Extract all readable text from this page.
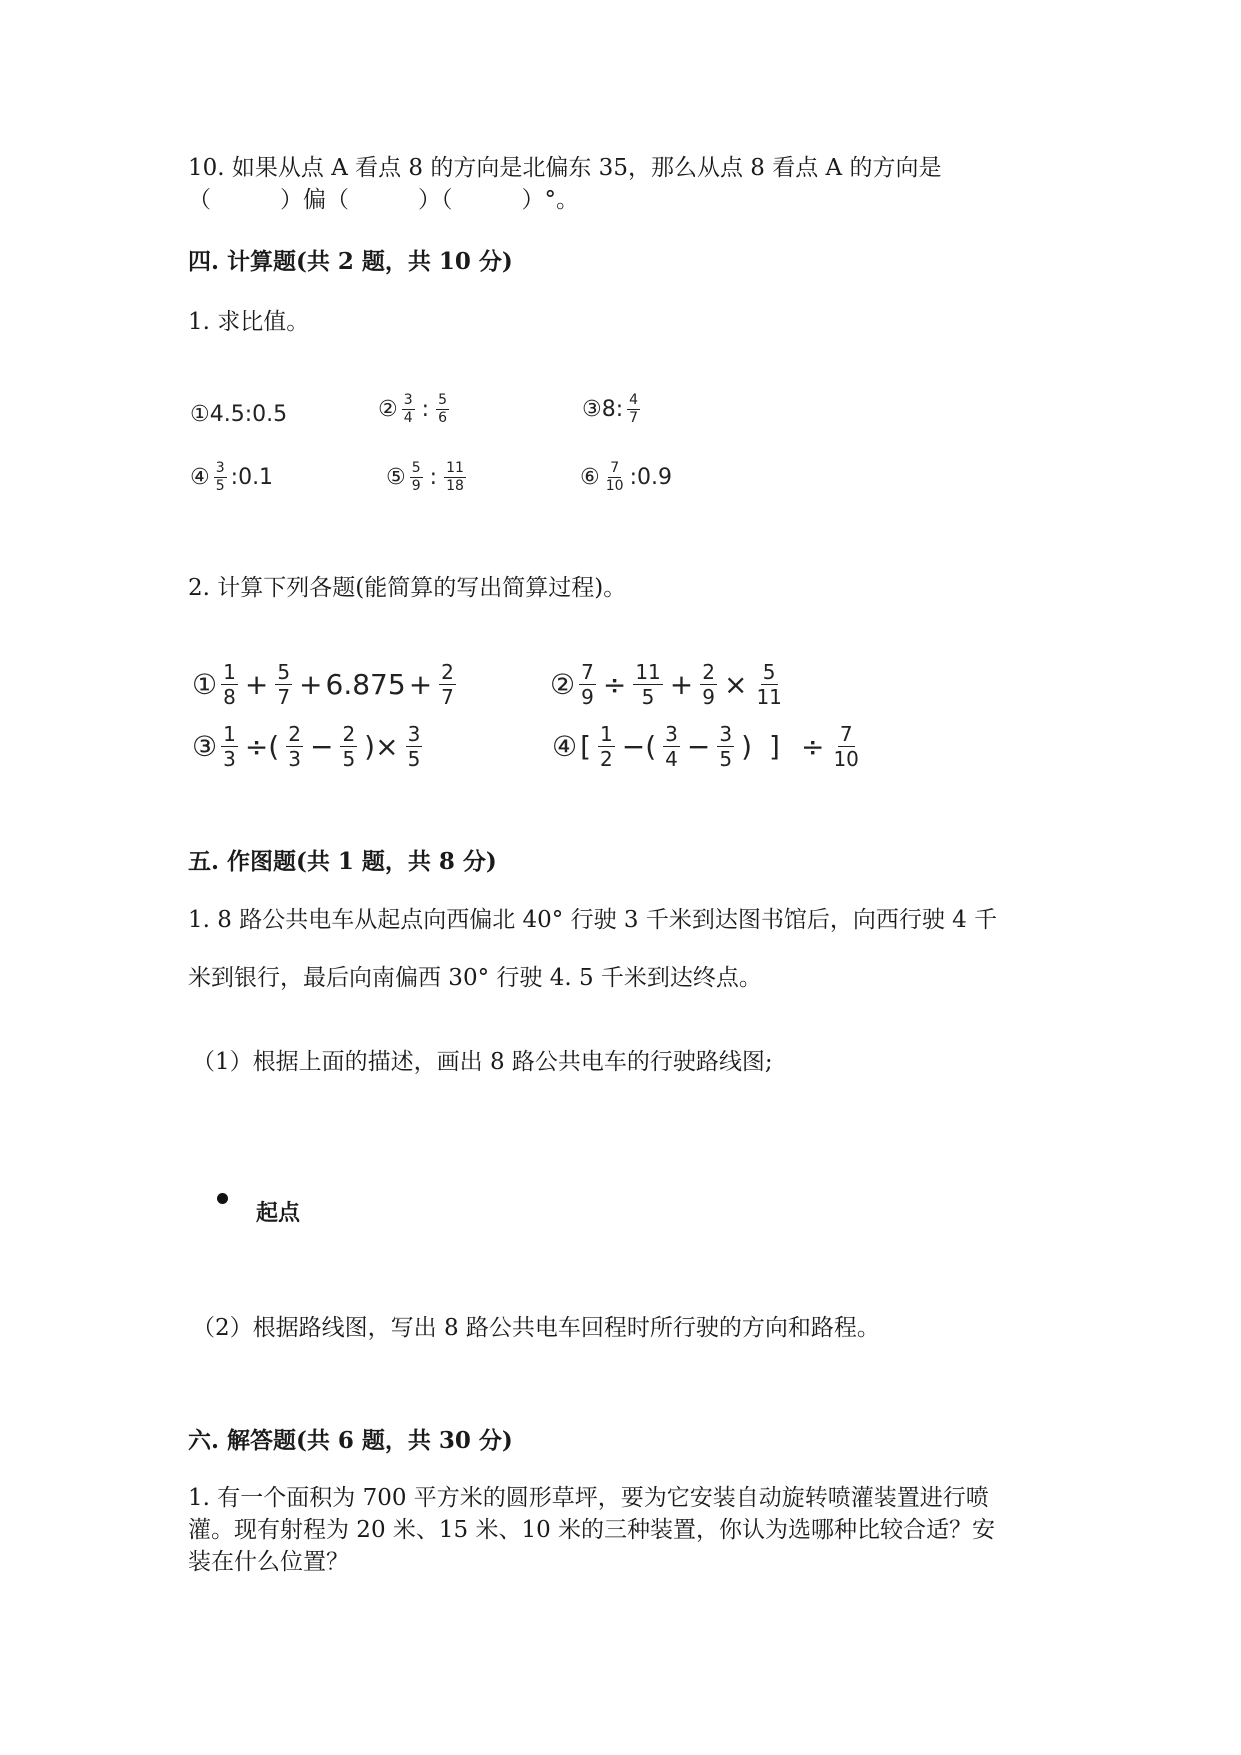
10. 如果从点 A 看点 8 的方向是北偏东 35，那么从点 8 看点 A 的方向是
（　　　）偏（　　　）（　　　）°。
四. 计算题(共 2 题，共 10 分)
1. 求比值。
① 4.5:0.5	② $\frac{3}{4}$ : $\frac{5}{6}$	③ 8: $\frac{4}{7}$
④ $\frac{3}{5}$ :0.1	⑤ $\frac{5}{9}$ : $\frac{11}{18}$	⑥ $\frac{7}{10}$ :0.9
2. 计算下列各题(能简算的写出简算过程)。
① $\frac{1}{8} + \frac{5}{7} + 6.875 + \frac{2}{7}$	② $\frac{7}{9} \div \frac{11}{5} + \frac{2}{9} \times \frac{5}{11}$
③ $\frac{1}{3}$ ÷( $\frac{2}{3} - \frac{2}{5}$ )× $\frac{3}{5}$	④ [ $\frac{1}{2}$ −( $\frac{3}{4} - \frac{3}{5}$ ) ] ÷ $\frac{7}{10}$
五. 作图题(共 1 题，共 8 分)
1. 8 路公共电车从起点向西偏北 40° 行驶 3 千米到达图书馆后，向西行驶 4 千
米到银行，最后向南偏西 30° 行驶 4. 5 千米到达终点。
（1）根据上面的描述，画出 8 路公共电车的行驶路线图;
起点
（2）根据路线图，写出 8 路公共电车回程时所行驶的方向和路程。
六. 解答题(共 6 题，共 30 分)
1. 有一个面积为 700 平方米的圆形草坪，要为它安装自动旋转喷灌装置进行喷
灌。现有射程为 20 米、15 米、10 米的三种装置，你认为选哪种比较合适？安
装在什么位置？
